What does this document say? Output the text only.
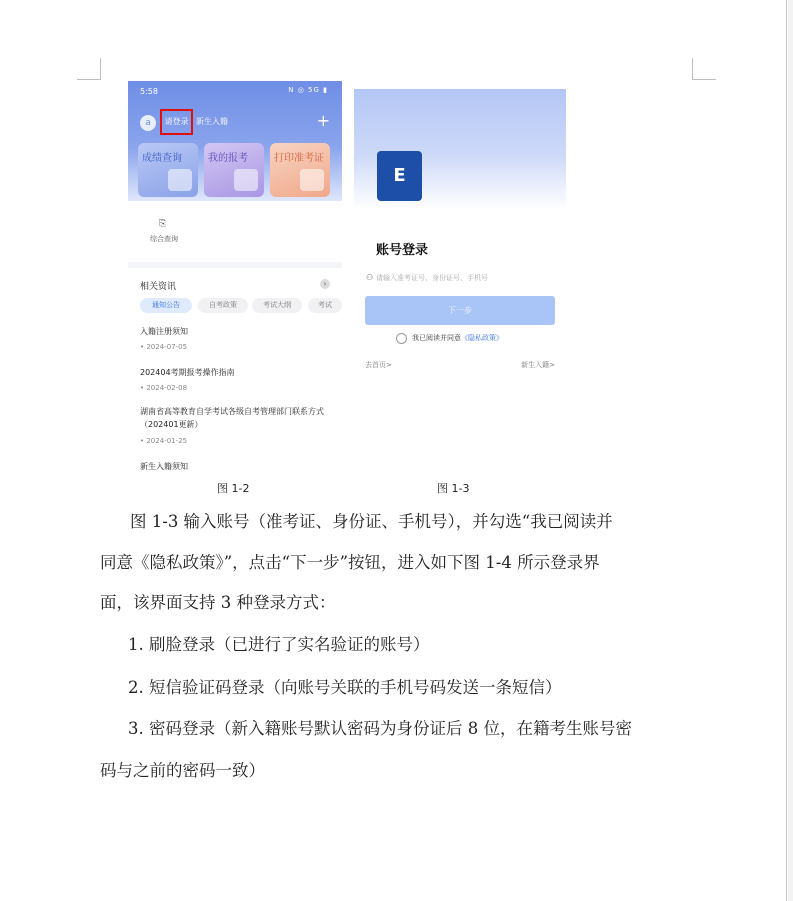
5:58	N ◎ 5G ▮
a	请登录 新生入籍	+
成绩查询	我的报考	打印准考证
⎘
综合查询
相关资讯	›
通知公告	自考政策	考试大纲	考试
入籍注册须知
• 2024-07-05
202404考期报考操作指南
• 2024-02-08
湖南省高等教育自学考试各级自考管理部门联系方式（202401更新）
• 2024-01-25
新生入籍须知
E
账号登录
⚇ 请输入准考证号、身份证号、手机号
下一步
我已阅读并同意《隐私政策》
去首页>	新生入籍>
图 1-2	图 1-3
图 1-3 输入账号（准考证、身份证、手机号），并勾选“我已阅读并
同意《隐私政策》”，点击“下一步”按钮，进入如下图 1-4 所示登录界
面，该界面支持 3 种登录方式：
1. 刷脸登录（已进行了实名验证的账号）
2. 短信验证码登录（向账号关联的手机号码发送一条短信）
3. 密码登录（新入籍账号默认密码为身份证后 8 位，在籍考生账号密
码与之前的密码一致）
